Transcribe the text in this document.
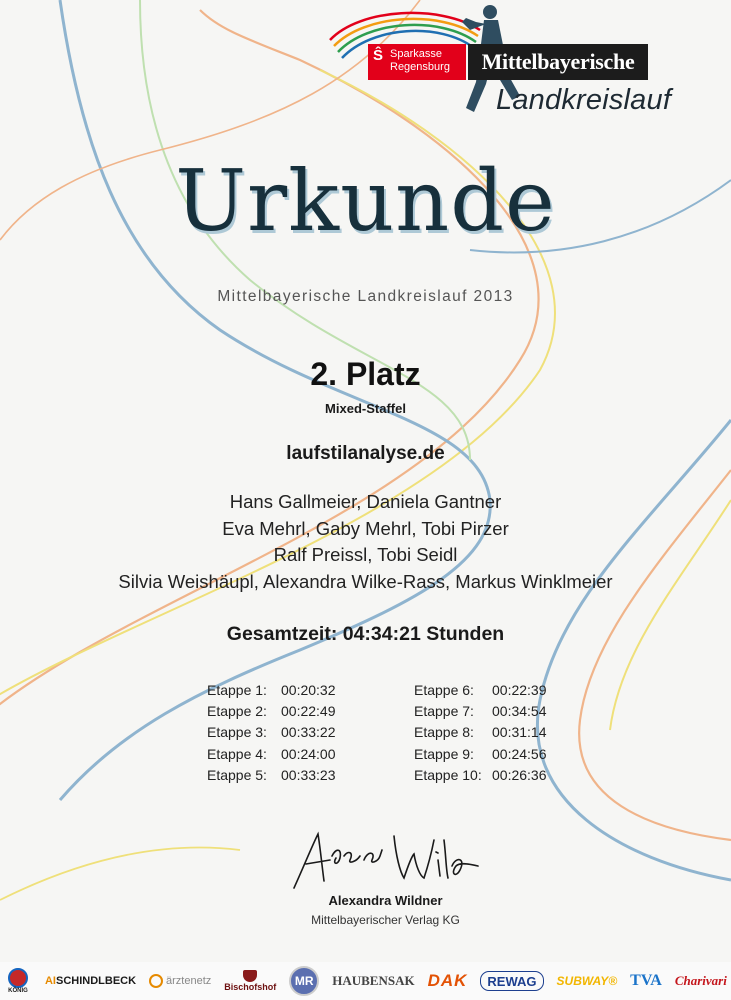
Ŝ Sparkasse
Regensburg	Mittelbayerische
Landkreislauf
Urkunde
Mittelbayerische Landkreislauf 2013
2. Platz
Mixed-Staffel
laufstilanalyse.de
Hans Gallmeier, Daniela Gantner
Eva Mehrl, Gaby Mehrl, Tobi Pirzer
Ralf Preissl, Tobi Seidl
Silvia Weishäupl, Alexandra Wilke-Rass, Markus Winklmeier
Gesamtzeit: 04:34:21 Stunden
Etappe 1: 00:20:32
Etappe 2: 00:22:49
Etappe 3: 00:33:22
Etappe 4: 00:24:00
Etappe 5: 00:33:23
Etappe 6: 00:22:39
Etappe 7: 00:34:54
Etappe 8: 00:31:14
Etappe 9: 00:24:56
Etappe 10: 00:26:36
Alexandra Wildner
Mittelbayerischer Verlag KG
KÖNIG
AI SCHINDLBECK	ärztenetz Bischofshof	MR	HAUBENSAK DAK	REWAG	SUBWAY ® TVA Charivari
